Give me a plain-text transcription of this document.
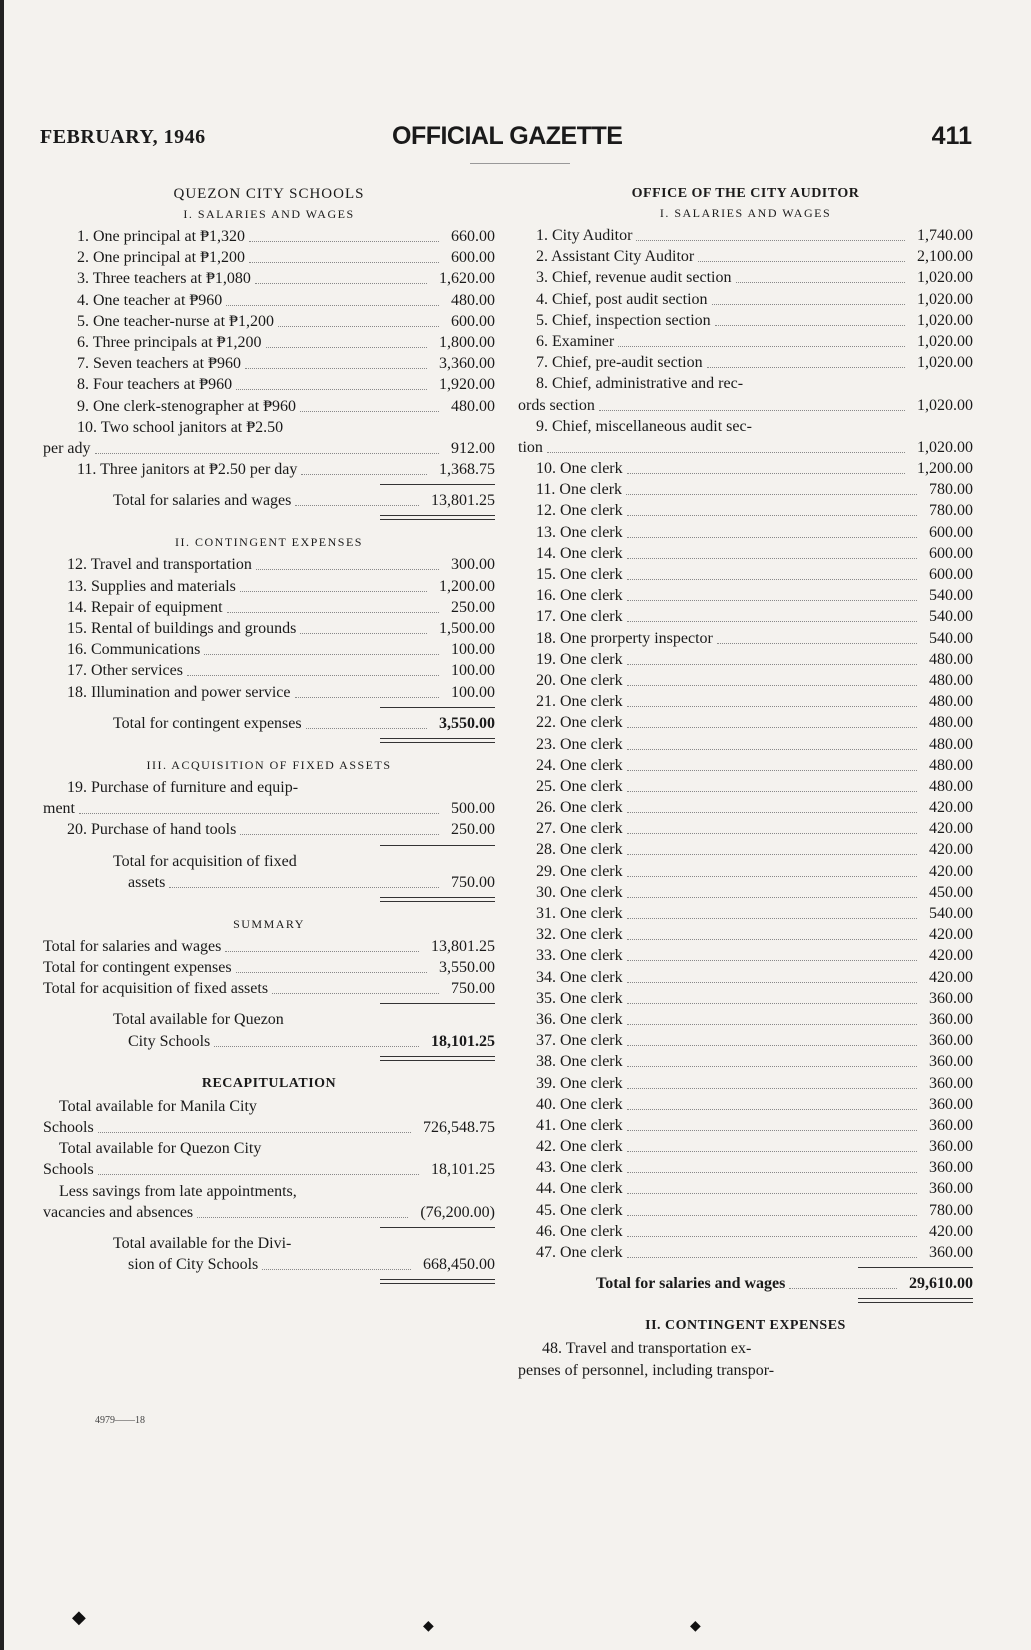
FEBRUARY, 1946	OFFICIAL GAZETTE	411
QUEZON CITY SCHOOLS
I. SALARIES AND WAGES
1. One principal at ₱1,320	660.00
2. One principal at ₱1,200	600.00
3. Three teachers at ₱1,080	1,620.00
4. One teacher at ₱960	480.00
5. One teacher-nurse at ₱1,200	600.00
6. Three principals at ₱1,200	1,800.00
7. Seven teachers at ₱960	3,360.00
8. Four teachers at ₱960	1,920.00
9. One clerk-stenographer at ₱960	480.00
10. Two school janitors at ₱2.50
per ady	912.00
11. Three janitors at ₱2.50 per day	1,368.75
Total for salaries and wages	13,801.25
II. CONTINGENT EXPENSES
12. Travel and transportation	300.00
13. Supplies and materials	1,200.00
14. Repair of equipment	250.00
15. Rental of buildings and grounds	1,500.00
16. Communications	100.00
17. Other services	100.00
18. Illumination and power service	100.00
Total for contingent expenses	3,550.00
III. ACQUISITION OF FIXED ASSETS
19. Purchase of furniture and equip-
ment	500.00
20. Purchase of hand tools	250.00
Total for acquisition of fixed
assets	750.00
SUMMARY
Total for salaries and wages	13,801.25
Total for contingent expenses	3,550.00
Total for acquisition of fixed assets	750.00
Total available for Quezon
City Schools	18,101.25
RECAPITULATION
Total available for Manila City
Schools	726,548.75
Total available for Quezon City
Schools	18,101.25
Less savings from late appointments,
vacancies and absences	(76,200.00)
Total available for the Divi-
sion of City Schools	668,450.00
OFFICE OF THE CITY AUDITOR
I. SALARIES AND WAGES
1. City Auditor	1,740.00
2. Assistant City Auditor	2,100.00
3. Chief, revenue audit section	1,020.00
4. Chief, post audit section	1,020.00
5. Chief, inspection section	1,020.00
6. Examiner	1,020.00
7. Chief, pre-audit section	1,020.00
8. Chief, administrative and rec-
ords section	1,020.00
9. Chief, miscellaneous audit sec-
tion	1,020.00
10. One clerk	1,200.00
11. One clerk	780.00
12. One clerk	780.00
13. One clerk	600.00
14. One clerk	600.00
15. One clerk	600.00
16. One clerk	540.00
17. One clerk	540.00
18. One prorperty inspector	540.00
19. One clerk	480.00
20. One clerk	480.00
21. One clerk	480.00
22. One clerk	480.00
23. One clerk	480.00
24. One clerk	480.00
25. One clerk	480.00
26. One clerk	420.00
27. One clerk	420.00
28. One clerk	420.00
29. One clerk	420.00
30. One clerk	450.00
31. One clerk	540.00
32. One clerk	420.00
33. One clerk	420.00
34. One clerk	420.00
35. One clerk	360.00
36. One clerk	360.00
37. One clerk	360.00
38. One clerk	360.00
39. One clerk	360.00
40. One clerk	360.00
41. One clerk	360.00
42. One clerk	360.00
43. One clerk	360.00
44. One clerk	360.00
45. One clerk	780.00
46. One clerk	420.00
47. One clerk	360.00
Total for salaries and wages	29,610.00
II. CONTINGENT EXPENSES
48. Travel and transportation ex-
penses of personnel, including transpor-
4979——18
◆	◆	◆
